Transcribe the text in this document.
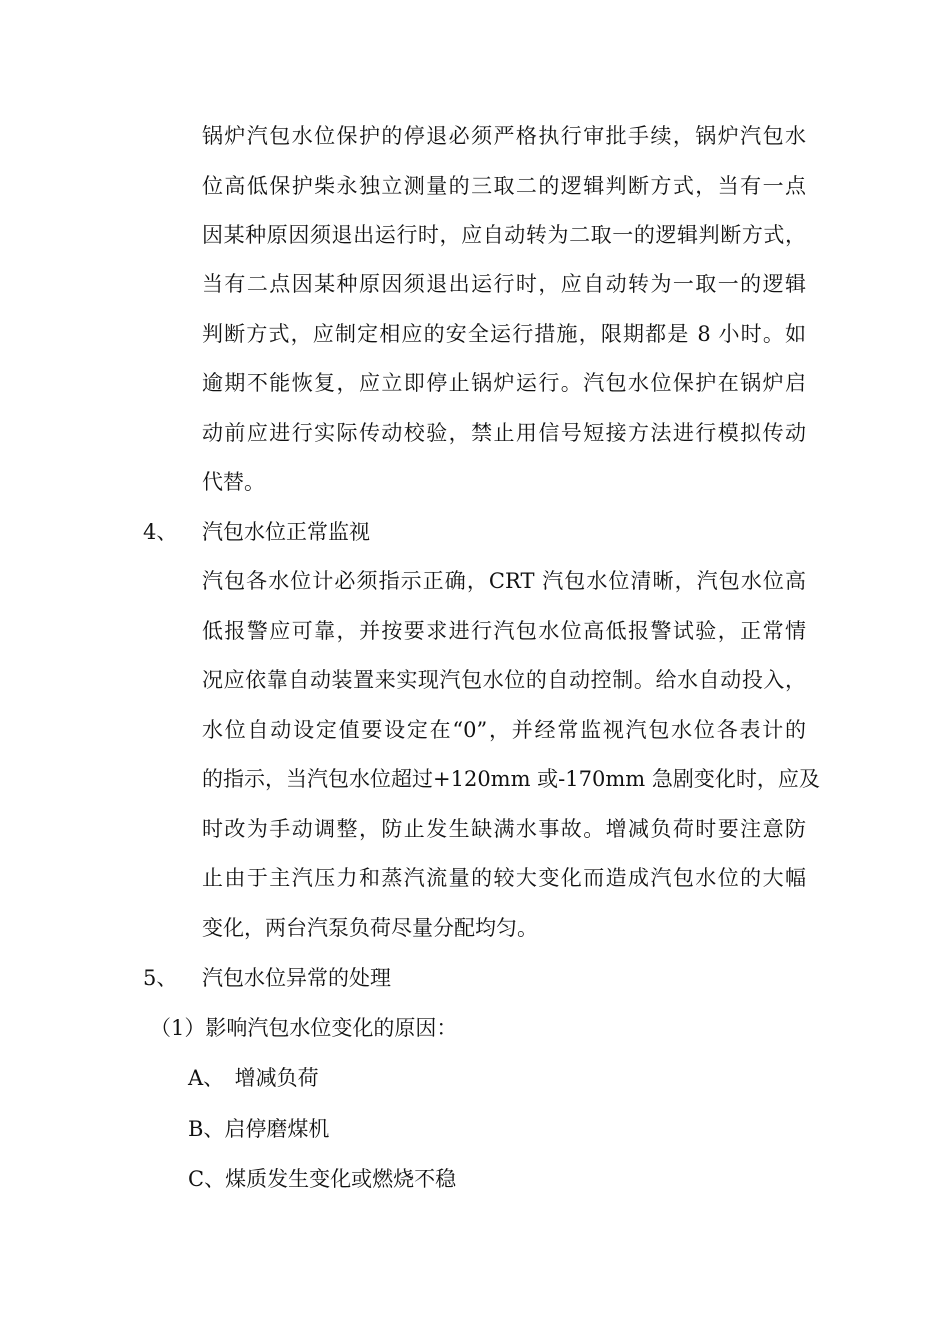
锅炉汽包水位保护的停退必须严格执行审批手续，锅炉汽包水
位高低保护柴永独立测量的三取二的逻辑判断方式，当有一点
因某种原因须退出运行时，应自动转为二取一的逻辑判断方式，
当有二点因某种原因须退出运行时，应自动转为一取一的逻辑
判断方式，应制定相应的安全运行措施，限期都是 8 小时。如
逾期不能恢复，应立即停止锅炉运行。汽包水位保护在锅炉启
动前应进行实际传动校验，禁止用信号短接方法进行模拟传动
代替。
4、 汽包水位正常监视
汽包各水位计必须指示正确，CRT 汽包水位清晰，汽包水位高
低报警应可靠，并按要求进行汽包水位高低报警试验，正常情
况应依靠自动装置来实现汽包水位的自动控制。给水自动投入，
水位自动设定值要设定在“0”，并经常监视汽包水位各表计的
的指示，当汽包水位超过+120mm 或-170mm 急剧变化时，应及
时改为手动调整，防止发生缺满水事故。增减负荷时要注意防
止由于主汽压力和蒸汽流量的较大变化而造成汽包水位的大幅
变化，两台汽泵负荷尽量分配均匀。
5、 汽包水位异常的处理
（1）影响汽包水位变化的原因：
A、　增减负荷
B、启停磨煤机
C、煤质发生变化或燃烧不稳
